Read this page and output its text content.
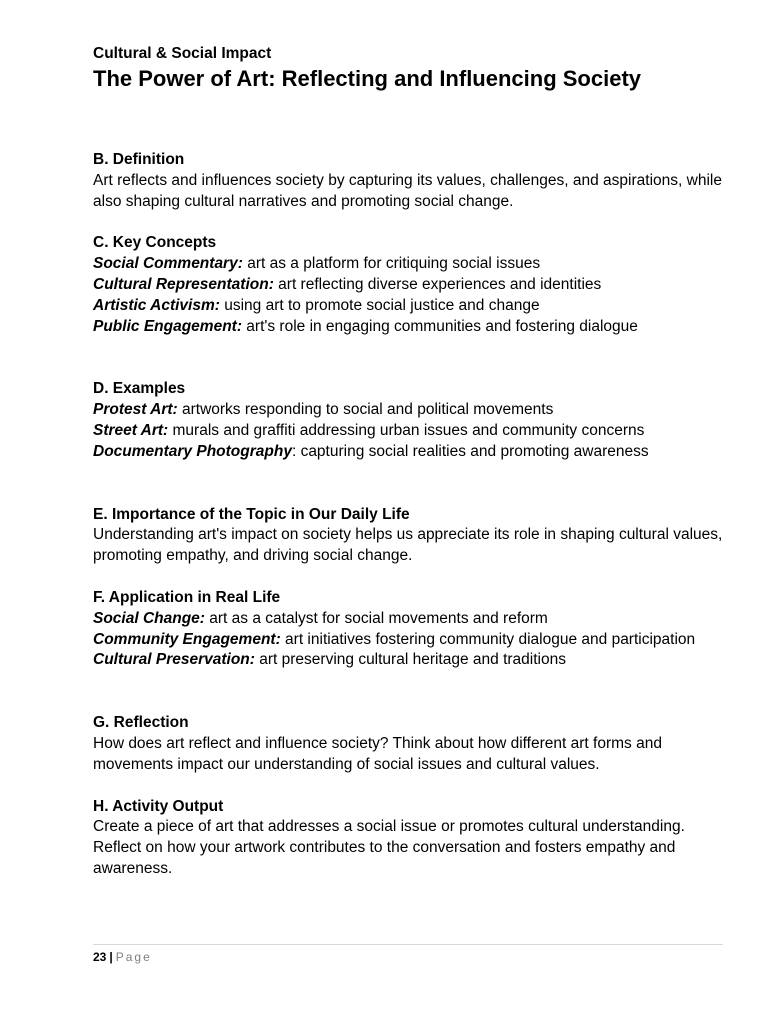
Cultural & Social Impact
The Power of Art: Reflecting and Influencing Society

B. Definition

Art reflects and influences society by capturing its values, challenges, and aspirations, while also shaping cultural narratives and promoting social change.

C. Key Concepts

Social Commentary: art as a platform for critiquing social issues

Cultural Representation: art reflecting diverse experiences and identities

Artistic Activism: using art to promote social justice and change

Public Engagement: art's role in engaging communities and fostering dialogue

D. Examples

Protest Art: artworks responding to social and political movements

Street Art: murals and graffiti addressing urban issues and community concerns

Documentary Photography: capturing social realities and promoting awareness

E. Importance of the Topic in Our Daily Life

Understanding art's impact on society helps us appreciate its role in shaping cultural values, promoting empathy, and driving social change.

F. Application in Real Life

Social Change: art as a catalyst for social movements and reform

Community Engagement: art initiatives fostering community dialogue and participation

Cultural Preservation: art preserving cultural heritage and traditions

G. Reflection

How does art reflect and influence society? Think about how different art forms and movements impact our understanding of social issues and cultural values.

H. Activity Output

Create a piece of art that addresses a social issue or promotes cultural understanding. Reflect on how your artwork contributes to the conversation and fosters empathy and awareness.

23 | Page
